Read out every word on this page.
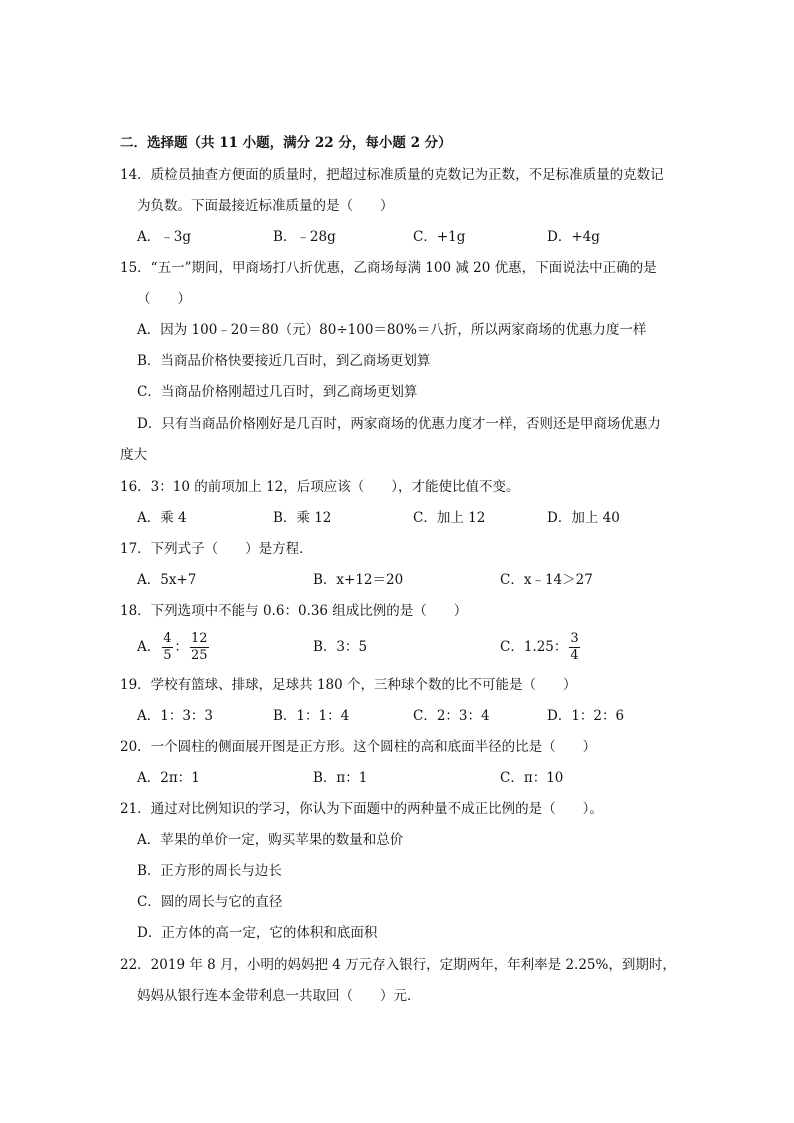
二．选择题（共 11 小题，满分 22 分，每小题 2 分）
14．质检员抽查方便面的质量时，把超过标准质量的克数记为正数，不足标准质量的克数记
为负数。下面最接近标准质量的是（　　）
A．﹣3g	B．﹣28g	C．+1g	D．+4g
15．“五一”期间，甲商场打八折优惠，乙商场每满 100 减 20 优惠，下面说法中正确的是
（　　）
A．因为 100﹣20＝80（元）80÷100＝80%＝八折，所以两家商场的优惠力度一样
B．当商品价格快要接近几百时，到乙商场更划算
C．当商品价格刚超过几百时，到乙商场更划算
D．只有当商品价格刚好是几百时，两家商场的优惠力度才一样，否则还是甲商场优惠力
度大
16．3：10 的前项加上 12，后项应该（　　），才能使比值不变。
A．乘 4	B．乘 12	C．加上 12	D．加上 40
17．下列式子（　　）是方程．
A．5x+7	B．x+12＝20	C．x﹣14＞27
18．下列选项中不能与 0.6：0.36 组成比例的是（　　）
A． $\frac{4}{5}$ ： $\frac{12}{25}$	B．3：5	C．1.25： $\frac{3}{4}$
19．学校有篮球、排球，足球共 180 个，三种球个数的比不可能是（　　）
A．1：3：3	B．1：1：4	C．2：3：4	D．1：2：6
20．一个圆柱的侧面展开图是正方形。这个圆柱的高和底面半径的比是（　　）
A．2π：1	B．π：1	C．π：10
21．通过对比例知识的学习，你认为下面题中的两种量不成正比例的是（　　）。
A．苹果的单价一定，购买苹果的数量和总价
B．正方形的周长与边长
C．圆的周长与它的直径
D．正方体的高一定，它的体积和底面积
22．2019 年 8 月，小明的妈妈把 4 万元存入银行，定期两年，年利率是 2.25%，到期时，
妈妈从银行连本金带利息一共取回（　　）元．
